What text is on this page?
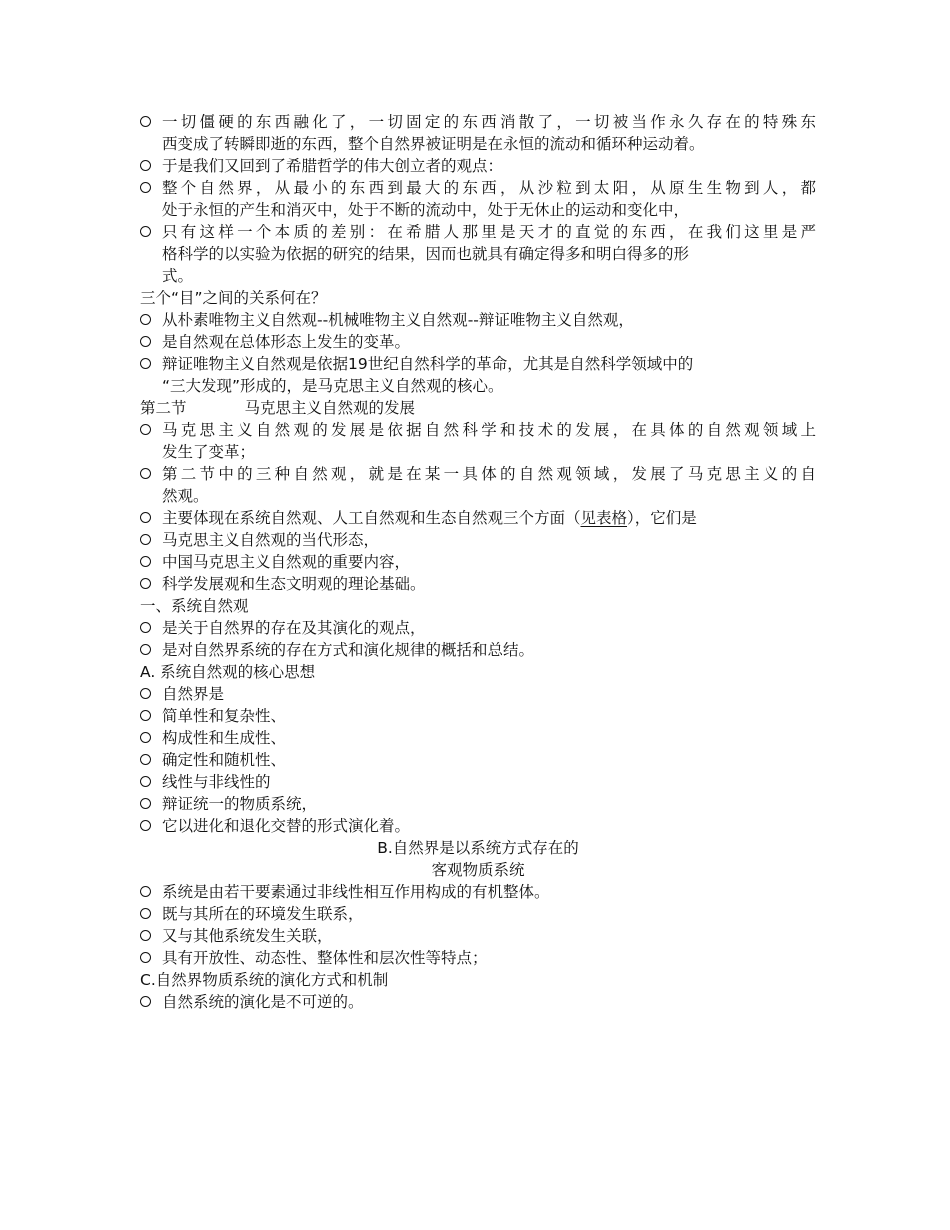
一切僵硬的东西融化了，一切固定的东西消散了，一切被当作永久存在的特殊东
西变成了转瞬即逝的东西，整个自然界被证明是在永恒的流动和循环种运动着。
于是我们又回到了希腊哲学的伟大创立者的观点：
整个自然界，从最小的东西到最大的东西，从沙粒到太阳，从原生生物到人，都
处于永恒的产生和消灭中，处于不断的流动中，处于无休止的运动和变化中，
只有这样一个本质的差别：在希腊人那里是天才的直觉的东西，在我们这里是严
格科学的以实验为依据的研究的结果，因而也就具有确定得多和明白得多的形
式。
三个“目”之间的关系何在？
从朴素唯物主义自然观--机械唯物主义自然观--辩证唯物主义自然观，
是自然观在总体形态上发生的变革。
辩证唯物主义自然观是依据19世纪自然科学的革命，尤其是自然科学领域中的
“三大发现”形成的，是马克思主义自然观的核心。
第二节	马克思主义自然观的发展
马克思主义自然观的发展是依据自然科学和技术的发展，在具体的自然观领域上
发生了变革；
第二节中的三种自然观，就是在某一具体的自然观领域，发展了马克思主义的自
然观。
主要体现在系统自然观、人工自然观和生态自然观三个方面（见表格），它们是
马克思主义自然观的当代形态，
中国马克思主义自然观的重要内容，
科学发展观和生态文明观的理论基础。
一、系统自然观
是关于自然界的存在及其演化的观点，
是对自然界系统的存在方式和演化规律的概括和总结。
A. 系统自然观的核心思想
自然界是
简单性和复杂性、
构成性和生成性、
确定性和随机性、
线性与非线性的
辩证统一的物质系统，
它以进化和退化交替的形式演化着。
B.自然界是以系统方式存在的
客观物质系统
系统是由若干要素通过非线性相互作用构成的有机整体。
既与其所在的环境发生联系，
又与其他系统发生关联，
具有开放性、动态性、整体性和层次性等特点；
C.自然界物质系统的演化方式和机制
自然系统的演化是不可逆的。
